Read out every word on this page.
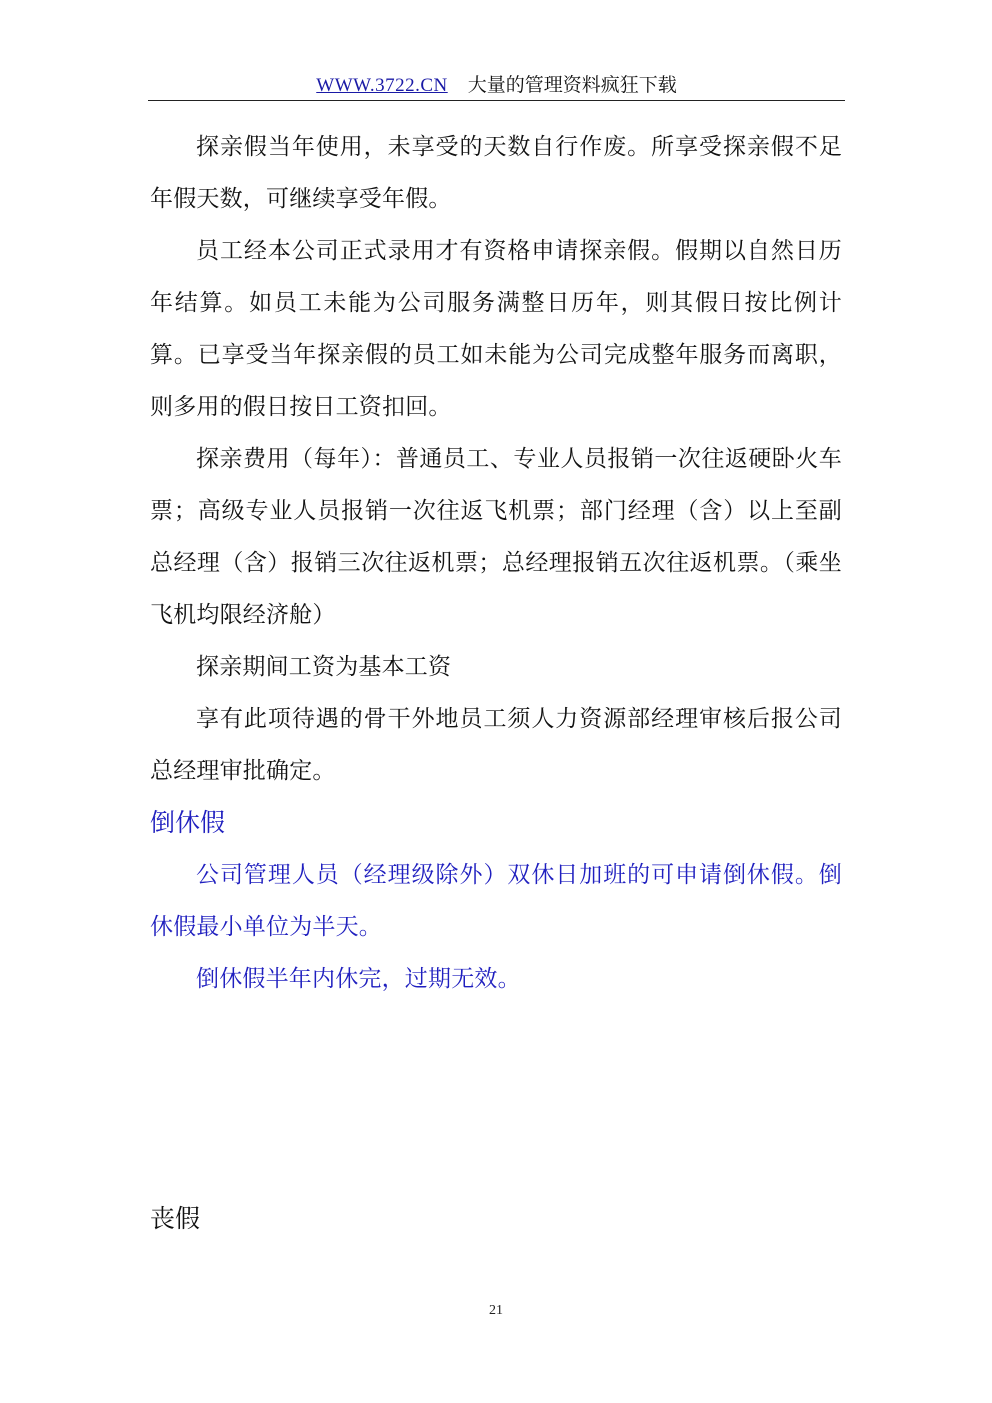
WWW.3722.CN 大量的管理资料疯狂下载

探亲假当年使用，未享受的天数自行作废。所享受探亲假不足年假天数，可继续享受年假。

员工经本公司正式录用才有资格申请探亲假。假期以自然日历年结算。如员工未能为公司服务满整日历年，则其假日按比例计算。已享受当年探亲假的员工如未能为公司完成整年服务而离职，则多用的假日按日工资扣回。

探亲费用（每年）：普通员工、专业人员报销一次往返硬卧火车票；高级专业人员报销一次往返飞机票；部门经理（含）以上至副总经理（含）报销三次往返机票；总经理报销五次往返机票。（乘坐飞机均限经济舱）

探亲期间工资为基本工资

享有此项待遇的骨干外地员工须人力资源部经理审核后报公司总经理审批确定。

倒休假

公司管理人员（经理级除外）双休日加班的可申请倒休假。倒休假最小单位为半天。

倒休假半年内休完，过期无效。

丧假
21
